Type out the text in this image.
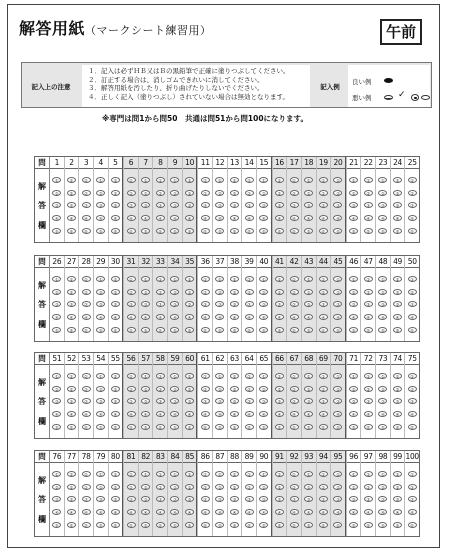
解答用紙（マークシート練習用）	午前
記入上の注意
１．記入は必ずＨＢ又はＢの黒鉛筆で正確に塗りつぶしてください。
２．訂正する場合は、消しゴムできれいに消してください。
３．解答用紙を汚したり、折り曲げたりしないでください。
４．正しく記入（塗りつぶし）されていない場合は無効となります。
記入例
良い例
悪い例	✓
※専門は問1から問50　共通は問51から問100になります。
問
解
答
欄
1
①
②
③
④
⑤
2
①
②
③
④
⑤
3
①
②
③
④
⑤
4
①
②
③
④
⑤
5
①
②
③
④
⑤
6
①
②
③
④
⑤
7
①
②
③
④
⑤
8
①
②
③
④
⑤
9
①
②
③
④
⑤
10
①
②
③
④
⑤
11
①
②
③
④
⑤
12
①
②
③
④
⑤
13
①
②
③
④
⑤
14
①
②
③
④
⑤
15
①
②
③
④
⑤
16
①
②
③
④
⑤
17
①
②
③
④
⑤
18
①
②
③
④
⑤
19
①
②
③
④
⑤
20
①
②
③
④
⑤
21
①
②
③
④
⑤
22
①
②
③
④
⑤
23
①
②
③
④
⑤
24
①
②
③
④
⑤
25
①
②
③
④
⑤
問
解
答
欄
26
①
②
③
④
⑤
27
①
②
③
④
⑤
28
①
②
③
④
⑤
29
①
②
③
④
⑤
30
①
②
③
④
⑤
31
①
②
③
④
⑤
32
①
②
③
④
⑤
33
①
②
③
④
⑤
34
①
②
③
④
⑤
35
①
②
③
④
⑤
36
①
②
③
④
⑤
37
①
②
③
④
⑤
38
①
②
③
④
⑤
39
①
②
③
④
⑤
40
①
②
③
④
⑤
41
①
②
③
④
⑤
42
①
②
③
④
⑤
43
①
②
③
④
⑤
44
①
②
③
④
⑤
45
①
②
③
④
⑤
46
①
②
③
④
⑤
47
①
②
③
④
⑤
48
①
②
③
④
⑤
49
①
②
③
④
⑤
50
①
②
③
④
⑤
問
解
答
欄
51
①
②
③
④
⑤
52
①
②
③
④
⑤
53
①
②
③
④
⑤
54
①
②
③
④
⑤
55
①
②
③
④
⑤
56
①
②
③
④
⑤
57
①
②
③
④
⑤
58
①
②
③
④
⑤
59
①
②
③
④
⑤
60
①
②
③
④
⑤
61
①
②
③
④
⑤
62
①
②
③
④
⑤
63
①
②
③
④
⑤
64
①
②
③
④
⑤
65
①
②
③
④
⑤
66
①
②
③
④
⑤
67
①
②
③
④
⑤
68
①
②
③
④
⑤
69
①
②
③
④
⑤
70
①
②
③
④
⑤
71
①
②
③
④
⑤
72
①
②
③
④
⑤
73
①
②
③
④
⑤
74
①
②
③
④
⑤
75
①
②
③
④
⑤
問
解
答
欄
76
①
②
③
④
⑤
77
①
②
③
④
⑤
78
①
②
③
④
⑤
79
①
②
③
④
⑤
80
①
②
③
④
⑤
81
①
②
③
④
⑤
82
①
②
③
④
⑤
83
①
②
③
④
⑤
84
①
②
③
④
⑤
85
①
②
③
④
⑤
86
①
②
③
④
⑤
87
①
②
③
④
⑤
88
①
②
③
④
⑤
89
①
②
③
④
⑤
90
①
②
③
④
⑤
91
①
②
③
④
⑤
92
①
②
③
④
⑤
93
①
②
③
④
⑤
94
①
②
③
④
⑤
95
①
②
③
④
⑤
96
①
②
③
④
⑤
97
①
②
③
④
⑤
98
①
②
③
④
⑤
99
①
②
③
④
⑤
100
①
②
③
④
⑤
